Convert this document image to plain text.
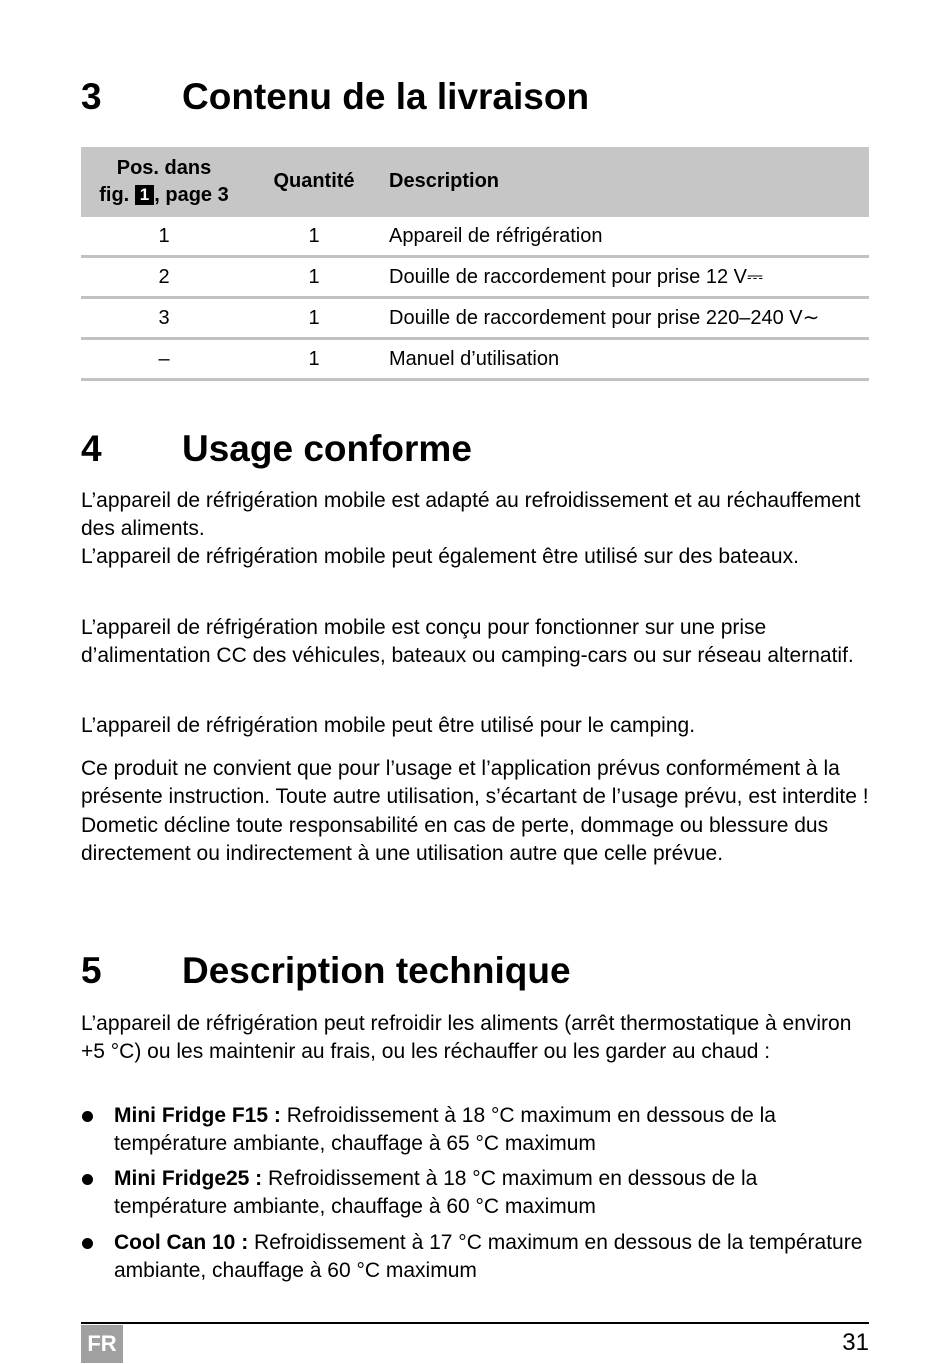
3 Contenu de la livraison
Pos. dans
fig. 1 , page 3
Quantité	Description
1	1	Appareil de réfrigération
2	1	Douille de raccordement pour prise 12 V⎓
3	1	Douille de raccordement pour prise 220–240 V∼
–	1	Manuel d’utilisation
4 Usage conforme

L’appareil de réfrigération mobile est adapté au refroidissement et au réchauffement des aliments.

L’appareil de réfrigération mobile peut également être utilisé sur des bateaux.

L’appareil de réfrigération mobile est conçu pour fonctionner sur une prise d’alimentation CC des véhicules, bateaux ou camping-cars ou sur réseau alternatif.

L’appareil de réfrigération mobile peut être utilisé pour le camping.

Ce produit ne convient que pour l’usage et l’application prévus conformément à la présente instruction. Toute autre utilisation, s’écartant de l’usage prévu, est interdite ! Dometic décline toute responsabilité en cas de perte, dommage ou blessure dus directement ou indirectement à une utilisation autre que celle prévue.

5 Description technique

L’appareil de réfrigération peut refroidir les aliments (arrêt thermostatique à environ +5 °C) ou les maintenir au frais, ou les réchauffer ou les garder au chaud :

Mini Fridge F15 : Refroidissement à 18 °C maximum en dessous de la température ambiante, chauffage à 65 °C maximum
Mini Fridge25 : Refroidissement à 18 °C maximum en dessous de la température ambiante, chauffage à 60 °C maximum
Cool Can 10 : Refroidissement à 17 °C maximum en dessous de la température ambiante, chauffage à 60 °C maximum
FR	31
